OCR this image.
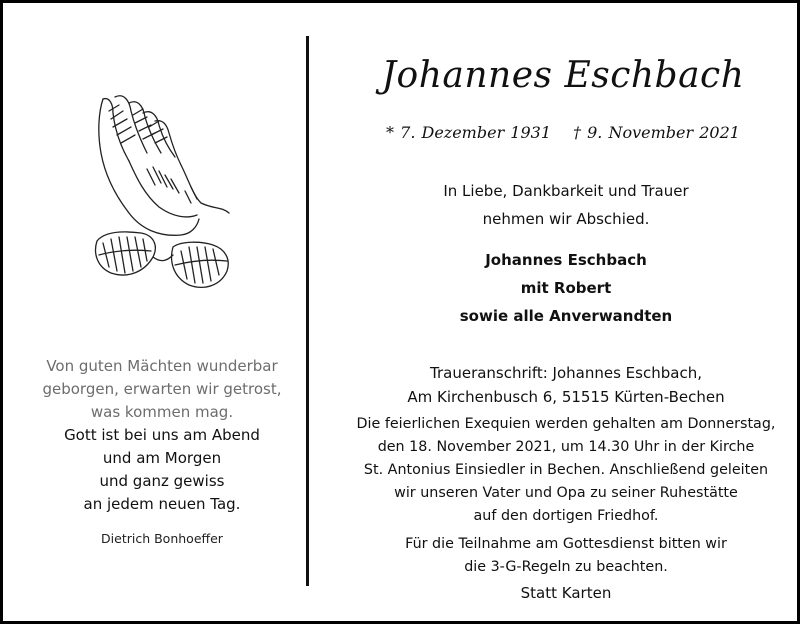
Von guten Mächten wunderbar
geborgen, erwarten wir getrost,
was kommen mag.
Gott ist bei uns am Abend
und am Morgen
und ganz gewiss
an jedem neuen Tag.
Dietrich Bonhoeffer
Johannes Eschbach
* 7. Dezember 1931 † 9. November 2021
In Liebe, Dankbarkeit und Trauer
nehmen wir Abschied.
Johannes Eschbach
mit Robert
sowie alle Anverwandten
Traueranschrift: Johannes Eschbach,
Am Kirchenbusch 6, 51515 Kürten-Bechen
Die feierlichen Exequien werden gehalten am Donnerstag,
den 18. November 2021, um 14.30 Uhr in der Kirche
St. Antonius Einsiedler in Bechen. Anschließend geleiten
wir unseren Vater und Opa zu seiner Ruhestätte
auf den dortigen Friedhof.
Für die Teilnahme am Gottesdienst bitten wir
die 3-G-Regeln zu beachten.
Statt Karten
